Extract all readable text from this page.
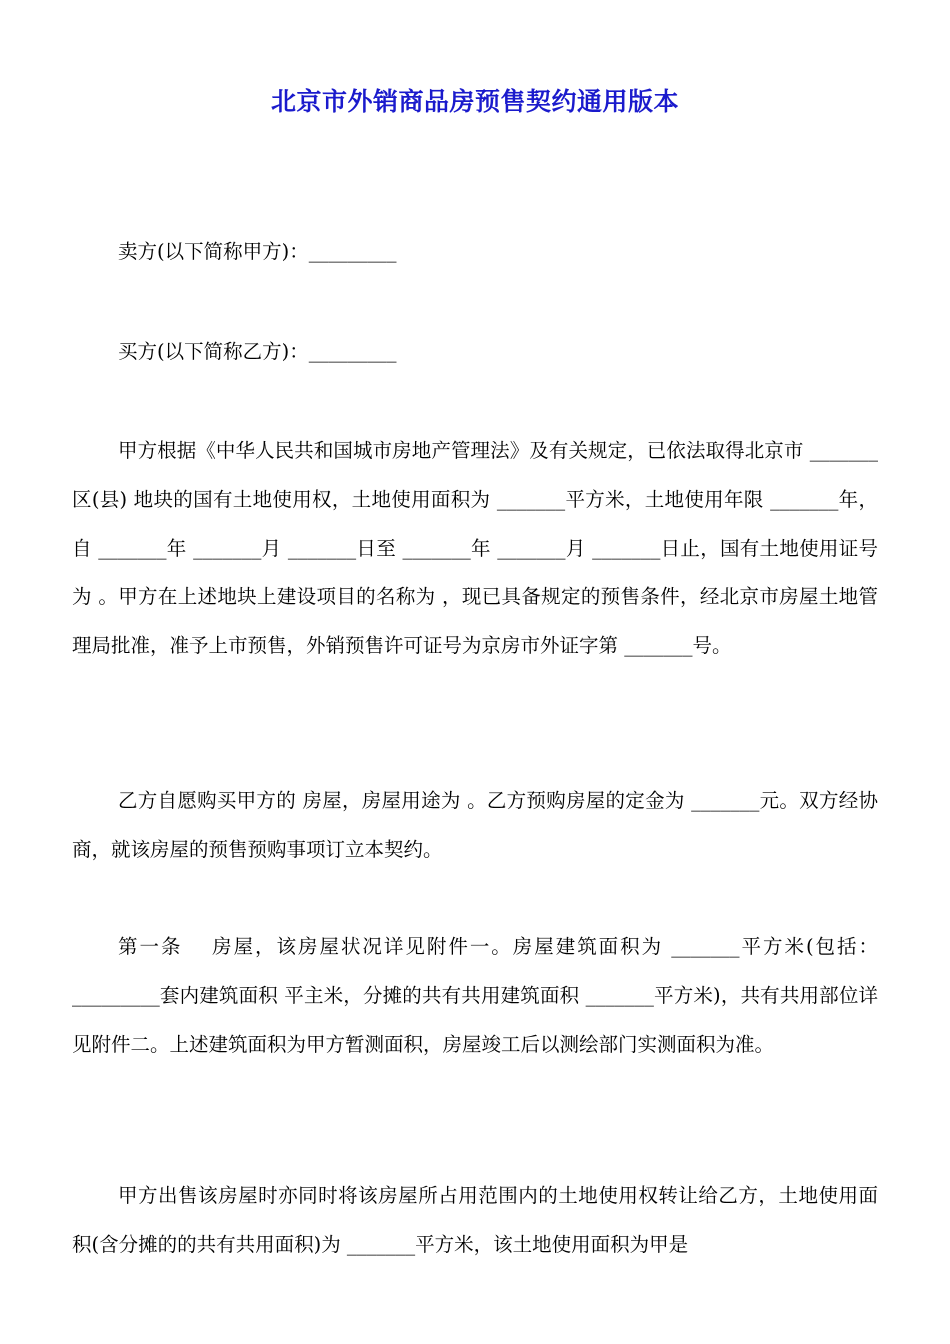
北京市外销商品房预售契约通用版本

卖方(以下简称甲方)：_________

买方(以下简称乙方)：_________

甲方根据《中华人民共和国城市房地产管理法》及有关规定，已依法取得北京市 _______区(县) 地块的国有土地使用权，土地使用面积为 _______平方米，土地使用年限 _______年，自 _______年 _______月 _______日至 _______年 _______月 _______日止，国有土地使用证号为 。甲方在上述地块上建设项目的名称为 ，现已具备规定的预售条件，经北京市房屋土地管理局批准，准予上市预售，外销预售许可证号为京房市外证字第 _______号。

乙方自愿购买甲方的 房屋，房屋用途为 。乙方预购房屋的定金为 _______元。双方经协商，就该房屋的预售预购事项订立本契约。

第一条　 房屋，该房屋状况详见附件一。房屋建筑面积为 _______平方米(包括：_________套内建筑面积 平主米，分摊的共有共用建筑面积 _______平方米)，共有共用部位详见附件二。上述建筑面积为甲方暂测面积，房屋竣工后以测绘部门实测面积为准。

甲方出售该房屋时亦同时将该房屋所占用范围内的土地使用权转让给乙方，土地使用面积(含分摊的的共有共用面积)为 _______平方米，该土地使用面积为甲是
